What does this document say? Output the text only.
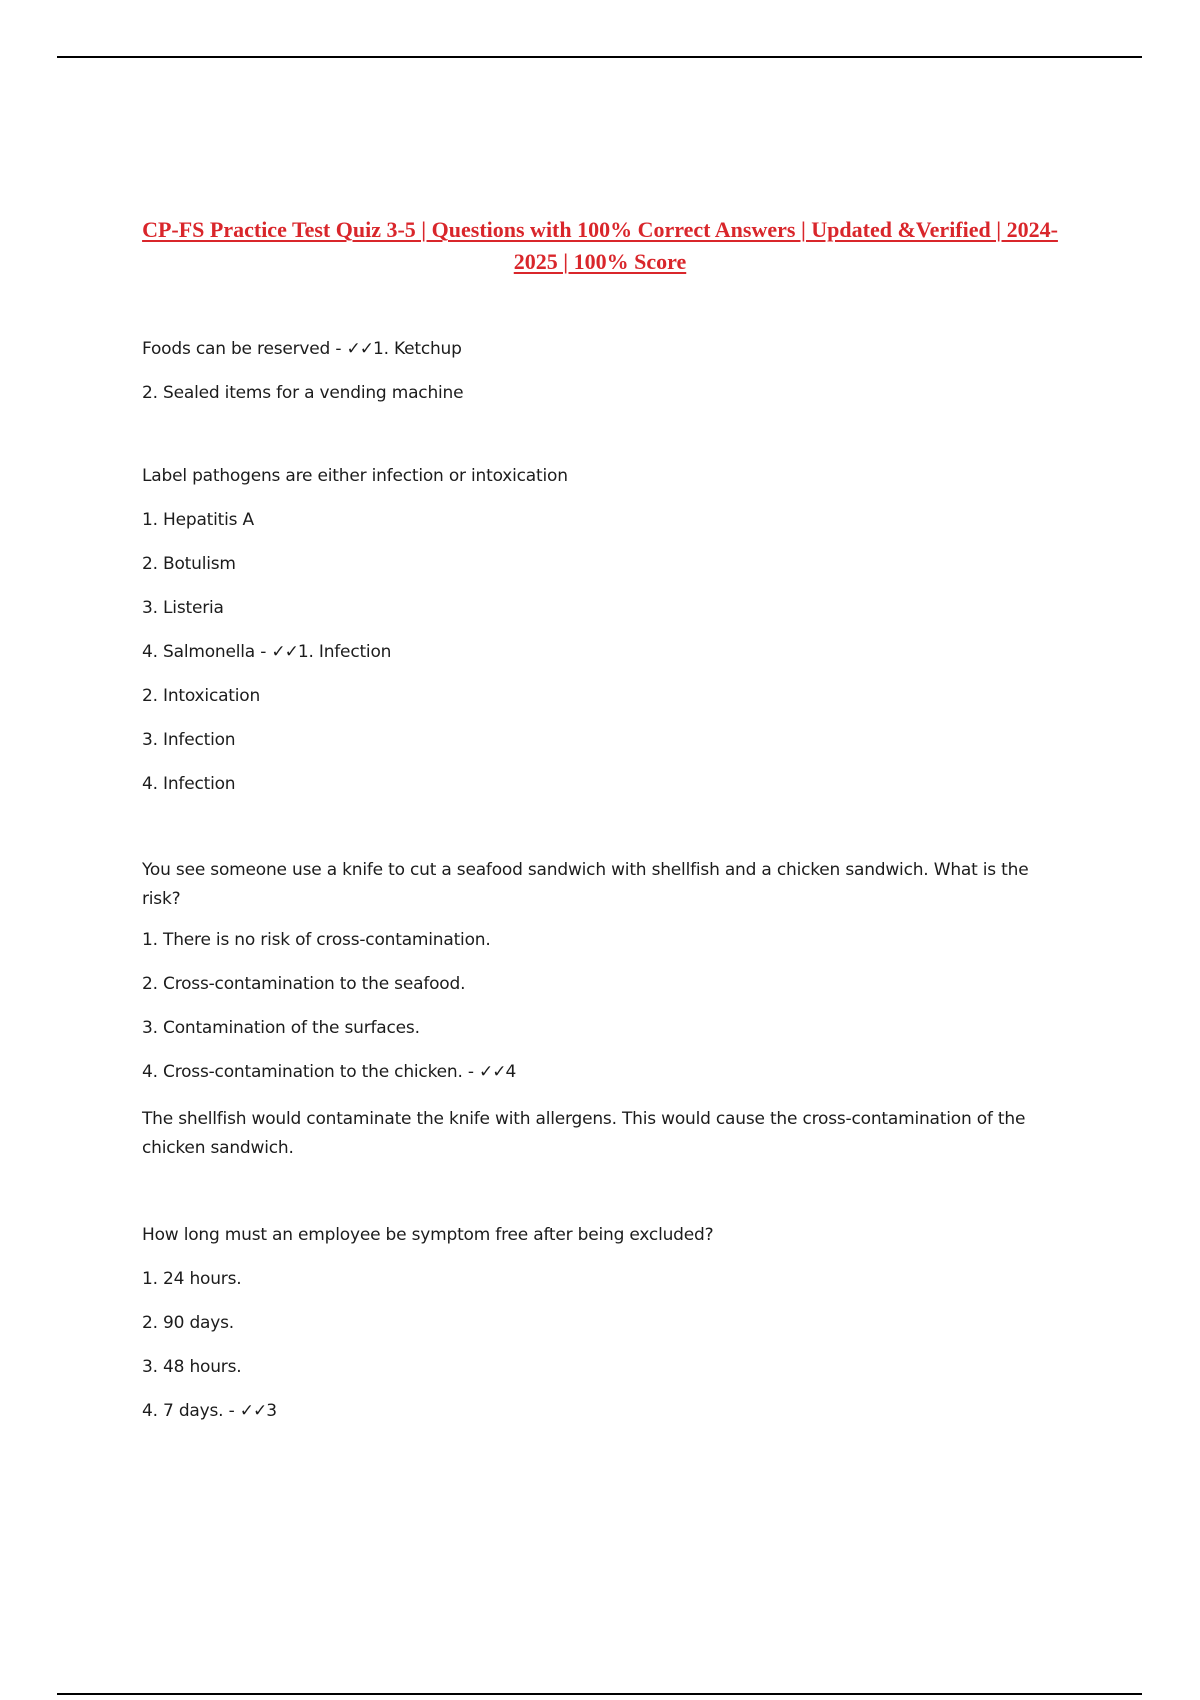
CP-FS Practice Test Quiz 3-5 | Questions with 100% Correct Answers | Updated &Verified | 2024-2025 | 100% Score

Foods can be reserved - ✓✓1. Ketchup

2. Sealed items for a vending machine

Label pathogens are either infection or intoxication

1. Hepatitis A

2. Botulism

3. Listeria

4. Salmonella - ✓✓1. Infection

2. Intoxication

3. Infection

4. Infection

You see someone use a knife to cut a seafood sandwich with shellfish and a chicken sandwich. What is the risk?

1. There is no risk of cross-contamination.

2. Cross-contamination to the seafood.

3. Contamination of the surfaces.

4. Cross-contamination to the chicken. - ✓✓4

The shellfish would contaminate the knife with allergens. This would cause the cross-contamination of the chicken sandwich.

How long must an employee be symptom free after being excluded?

1. 24 hours.

2. 90 days.

3. 48 hours.

4. 7 days. - ✓✓3
